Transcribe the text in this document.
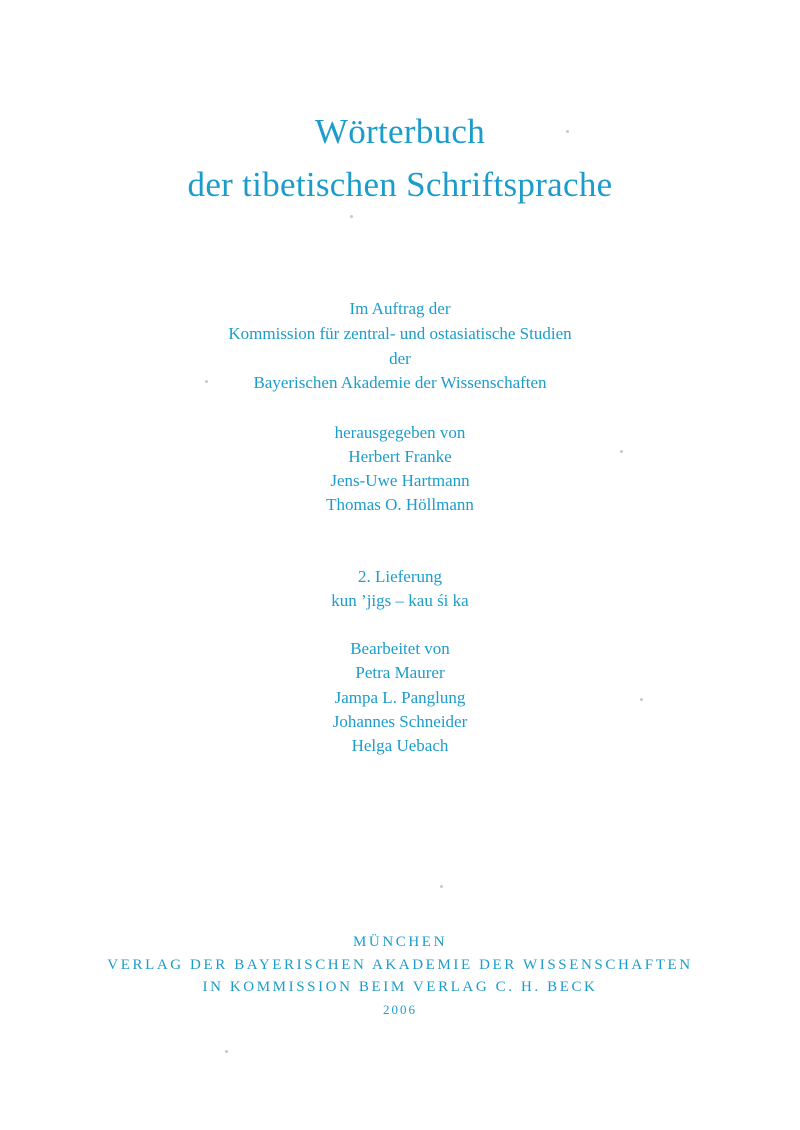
Wörterbuch
der tibetischen Schriftsprache
Im Auftrag der
Kommission für zentral- und ostasiatische Studien
der
Bayerischen Akademie der Wissenschaften
herausgegeben von
Herbert Franke
Jens-Uwe Hartmann
Thomas O. Höllmann
2. Lieferung
kun ’jigs – kau śi ka
Bearbeitet von
Petra Maurer
Jampa L. Panglung
Johannes Schneider
Helga Uebach
MÜNCHEN
VERLAG DER BAYERISCHEN AKADEMIE DER WISSENSCHAFTEN
IN KOMMISSION BEIM VERLAG C. H. BECK
2006
